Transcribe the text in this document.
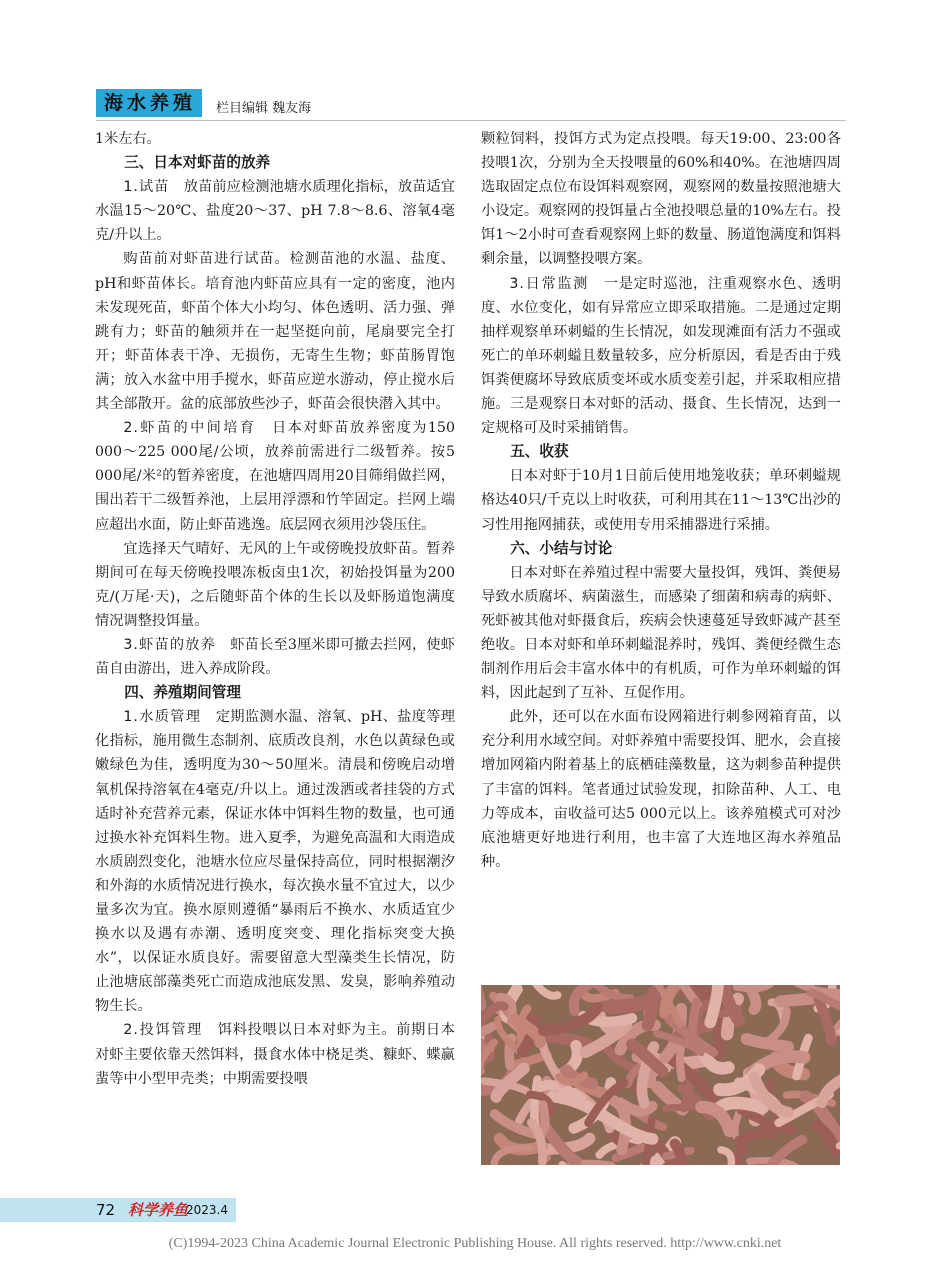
海水养殖 栏目编辑 魏友海

1米左右。

三、日本对虾苗的放养

1.试苗　 放苗前应检测池塘水质理化指标，放苗适宜水温15～20℃、盐度20～37、pH 7.8～8.6、溶氧4毫克/升以上。

购苗前对虾苗进行试苗。检测苗池的水温、盐度、pH和虾苗体长。培育池内虾苗应具有一定的密度，池内未发现死苗，虾苗个体大小均匀、体色透明、活力强、弹跳有力；虾苗的触须并在一起坚挺向前，尾扇要完全打开；虾苗体表干净、无损伤，无寄生生物；虾苗肠胃饱满；放入水盆中用手搅水，虾苗应逆水游动，停止搅水后其全部散开。盆的底部放些沙子，虾苗会很快潜入其中。

2.虾苗的中间培育　 日本对虾苗放养密度为150 000～225 000尾/公顷，放养前需进行二级暂养。按5 000尾/米²的暂养密度，在池塘四周用20目筛绢做拦网，围出若干二级暂养池，上层用浮漂和竹竿固定。拦网上端应超出水面，防止虾苗逃逸。底层网衣须用沙袋压住。

宜选择天气晴好、无风的上午或傍晚投放虾苗。暂养期间可在每天傍晚投喂冻板卤虫1次，初始投饵量为200克/(万尾·天)，之后随虾苗个体的生长以及虾肠道饱满度情况调整投饵量。

3.虾苗的放养　 虾苗长至3厘米即可撤去拦网，使虾苗自由游出，进入养成阶段。

四、养殖期间管理

1.水质管理　 定期监测水温、溶氧、pH、盐度等理化指标，施用微生态制剂、底质改良剂，水色以黄绿色或嫩绿色为佳，透明度为30～50厘米。清晨和傍晚启动增氧机保持溶氧在4毫克/升以上。通过泼洒或者挂袋的方式适时补充营养元素，保证水体中饵料生物的数量，也可通过换水补充饵料生物。进入夏季，为避免高温和大雨造成水质剧烈变化，池塘水位应尽量保持高位，同时根据潮汐和外海的水质情况进行换水，每次换水量不宜过大，以少量多次为宜。换水原则遵循“暴雨后不换水、水质适宜少换水以及遇有赤潮、透明度突变、理化指标突变大换水”，以保证水质良好。需要留意大型藻类生长情况，防止池塘底部藻类死亡而造成池底发黑、发臭，影响养殖动物生长。

2.投饵管理　 饵料投喂以日本对虾为主。前期日本对虾主要依靠天然饵料，摄食水体中桡足类、糠虾、蝶赢蜚等中小型甲壳类；中期需要投喂

颗粒饲料，投饵方式为定点投喂。每天19:00、23:00各投喂1次，分别为全天投喂量的60%和40%。在池塘四周选取固定点位布设饵料观察网，观察网的数量按照池塘大小设定。观察网的投饵量占全池投喂总量的10%左右。投饵1～2小时可查看观察网上虾的数量、肠道饱满度和饵料剩余量，以调整投喂方案。

3.日常监测　 一是定时巡池，注重观察水色、透明度、水位变化，如有异常应立即采取措施。二是通过定期抽样观察单环刺螠的生长情况，如发现滩面有活力不强或死亡的单环刺螠且数量较多，应分析原因，看是否由于残饵粪便腐坏导致底质变坏或水质变差引起，并采取相应措施。三是观察日本对虾的活动、摄食、生长情况，达到一定规格可及时采捕销售。

五、收获

日本对虾于10月1日前后使用地笼收获；单环刺螠规格达40只/千克以上时收获，可利用其在11～13℃出沙的习性用拖网捕获，或使用专用采捕器进行采捕。

六、小结与讨论

日本对虾在养殖过程中需要大量投饵，残饵、粪便易导致水质腐坏、病菌滋生，而感染了细菌和病毒的病虾、死虾被其他对虾摄食后，疾病会快速蔓延导致虾减产甚至绝收。日本对虾和单环刺螠混养时，残饵、粪便经微生态制剂作用后会丰富水体中的有机质，可作为单环刺螠的饵料，因此起到了互补、互促作用。

此外，还可以在水面布设网箱进行刺参网箱育苗，以充分利用水域空间。对虾养殖中需要投饵、肥水，会直接增加网箱内附着基上的底栖硅藻数量，这为刺参苗种提供了丰富的饵料。笔者通过试验发现，扣除苗种、人工、电力等成本，亩收益可达5 000元以上。该养殖模式可对沙底池塘更好地进行利用，也丰富了大连地区海水养殖品种。

72 科学养鱼
2023.4
(C)1994-2023 China Academic Journal Electronic Publishing House. All rights reserved. http://www.cnki.net
